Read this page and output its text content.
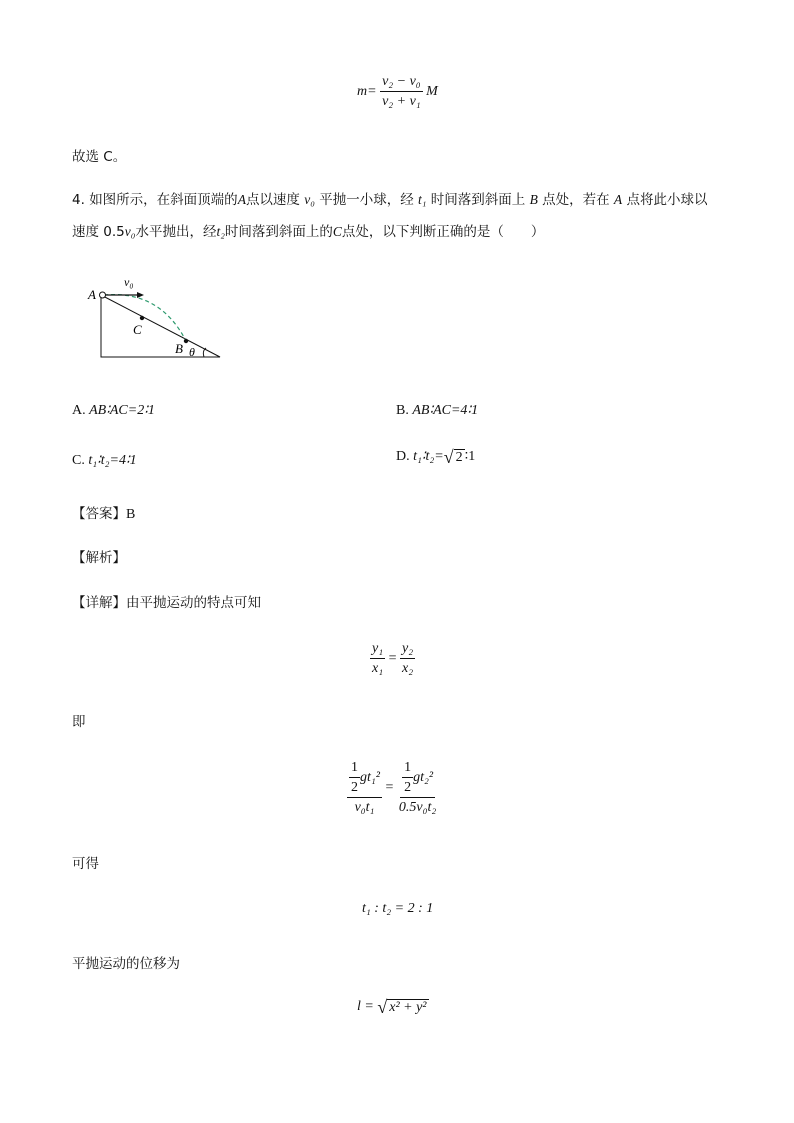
$m= \frac{\text{v₂ − v₀}}{\text{v₂ + v₁}}$ M
故选 C。
4. 如图所示，在斜面顶端的A点以速度 v₀ 平抛一小球，经 t₁ 时间落到斜面上 B 点处，若在 A 点将此小球以
速度 0.5v₀水平抛出，经t₂时间落到斜面上的C点处，以下判断正确的是（　　）
A
v₀
C
B θ
A. AB∶AC=2∶1	B. AB∶AC=4∶1
C. t₁∶t₂=4∶1	D. t₁∶t₂= √ 2 ∶1
【答案】B
【解析】
【详解】由平抛运动的特点可知
$\frac{\text{y₁}}{\text{x₁}} = \frac{\text{y₂}}{\text{x₂}}$
即
$\frac{\frac{1}{2} gt_1^2}{\text{v₀t₁}} = \frac{\frac{1}{2} gt_2^2}{\text{0.5v₀t₂}}$
可得
t₁ : t₂ = 2 : 1
平抛运动的位移为
l = √ x² + y²
